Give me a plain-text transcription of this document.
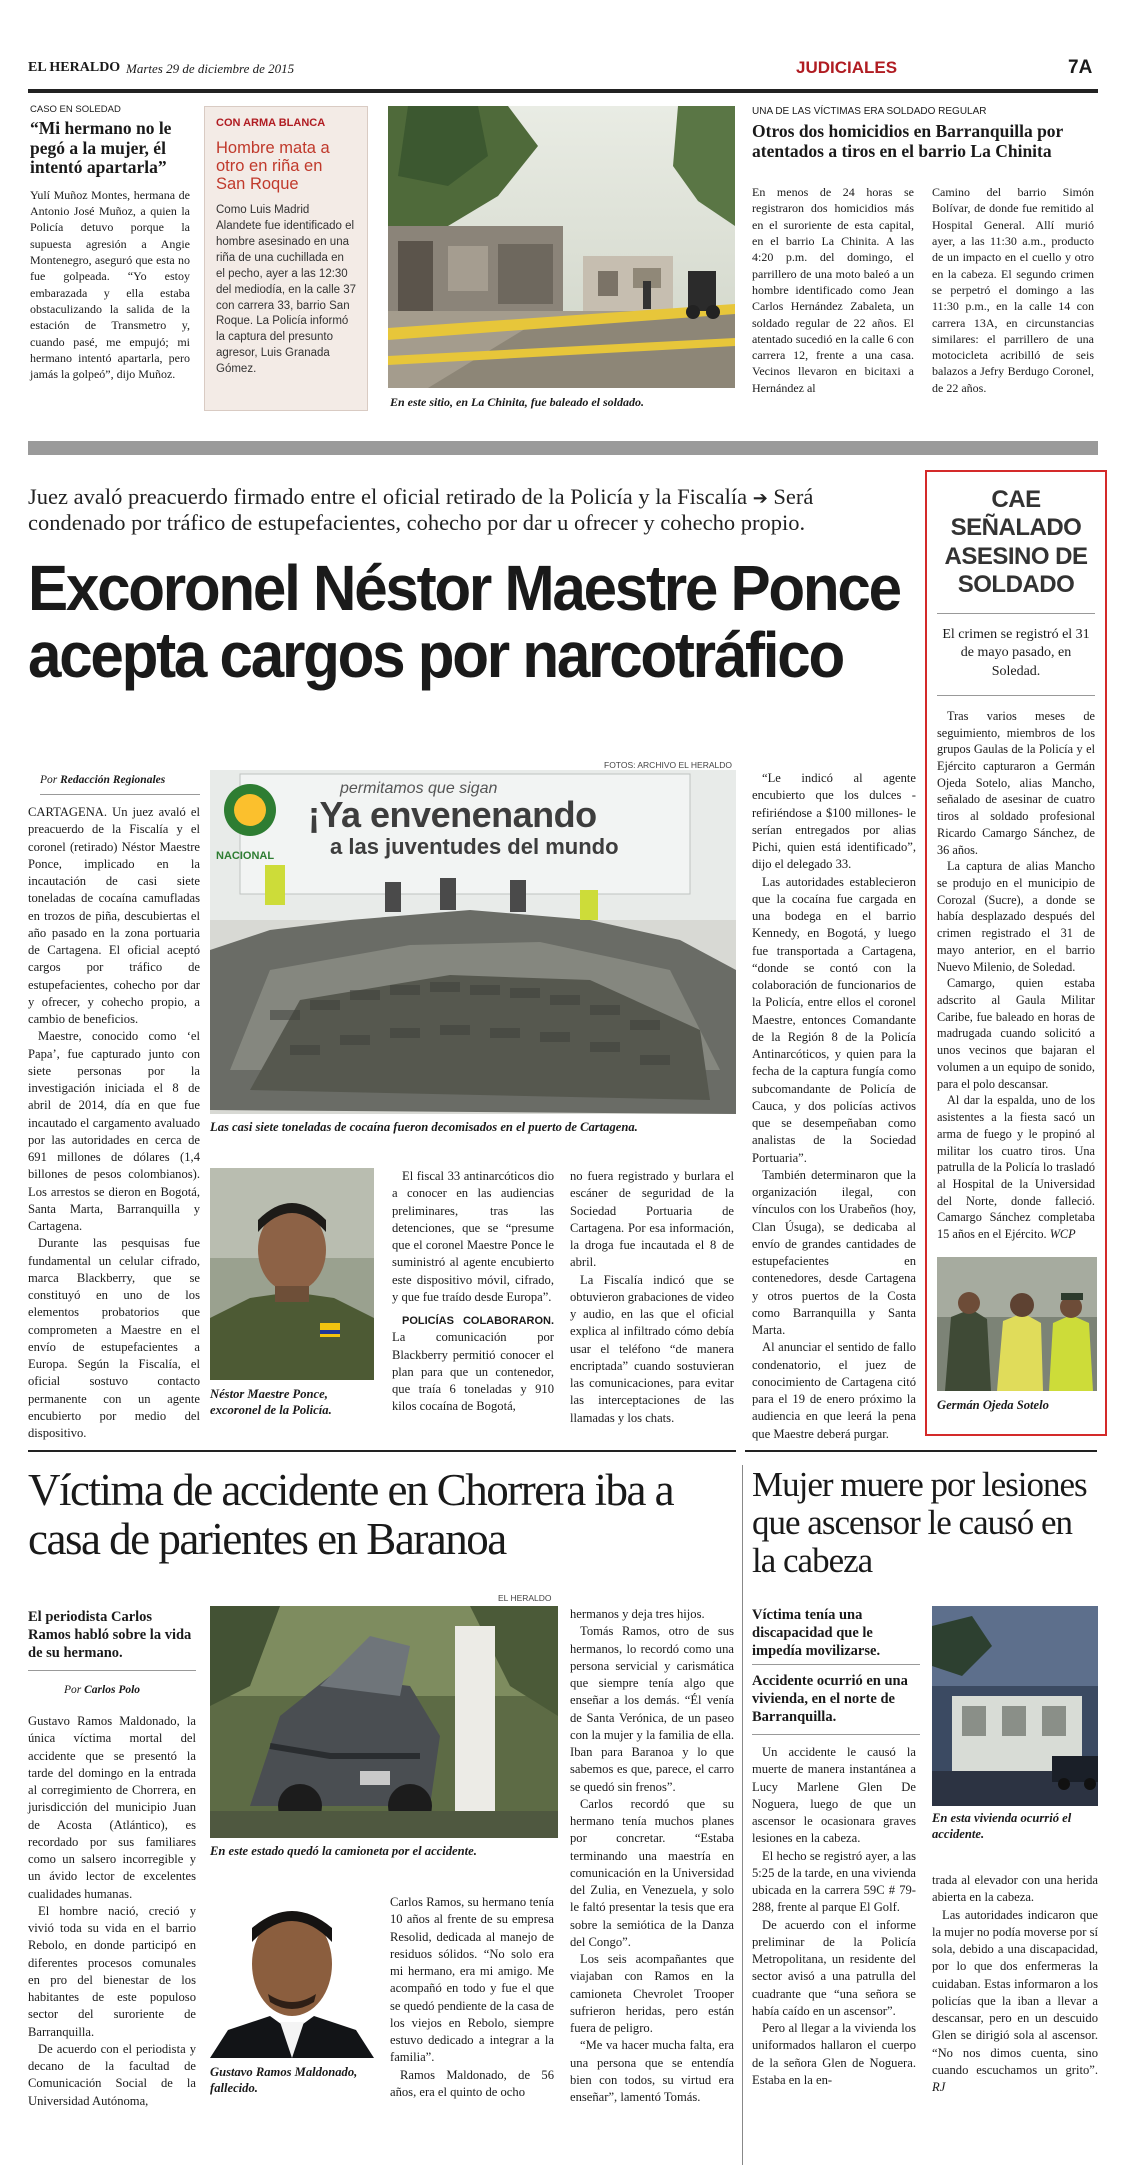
EL HERALDO Martes 29 de diciembre de 2015	JUDICIALES	7A
CASO EN SOLEDAD
“Mi hermano no le pegó a la mujer, él intentó apartarla”
Yulí Muñoz Montes, hermana de Antonio José Muñoz, a quien la Policía detuvo porque la supuesta agresión a Angie Montenegro, aseguró que esta no fue golpeada. “Yo estoy embarazada y ella estaba obstaculizando la salida de la estación de Transmetro y, cuando pasé, me empujó; mi hermano intentó apartarla, pero jamás la golpeó”, dijo Muñoz.
CON ARMA BLANCA
Hombre mata a otro en riña en San Roque
Como Luis Madrid Alandete fue identificado el hombre asesinado en una riña de una cuchillada en el pecho, ayer a las 12:30 del mediodía, en la calle 37 con carrera 33, barrio San Roque. La Policía informó la captura del presunto agresor, Luis Granada Gómez.
En este sitio, en La Chinita, fue baleado el soldado.
UNA DE LAS VÍCTIMAS ERA SOLDADO REGULAR
Otros dos homicidios en Barranquilla por atentados a tiros en el barrio La Chinita
En menos de 24 horas se registraron dos homicidios más en el suroriente de esta capital, en el barrio La Chinita. A las 4:20 p.m. del domingo, el parrillero de una moto baleó a un hombre identificado como Jean Carlos Hernández Zabaleta, un soldado regular de 22 años. El atentado sucedió en la calle 6 con carrera 12, frente a una casa. Vecinos llevaron en bicitaxi a Hernández al
Camino del barrio Simón Bolívar, de donde fue remitido al Hospital General. Allí murió ayer, a las 11:30 a.m., producto de un impacto en el cuello y otro en la cabeza. El segundo crimen se perpetró el domingo a las 11:30 p.m., en la calle 14 con carrera 13A, en circunstancias similares: el parrillero de una motocicleta acribilló de seis balazos a Jefry Berdugo Coronel, de 22 años.
Juez avaló preacuerdo firmado entre el oficial retirado de la Policía y la Fiscalía ➔ Será condenado por tráfico de estupefacientes, cohecho por dar u ofrecer y cohecho propio.
Excoronel Néstor Maestre Ponce
acepta cargos por narcotráfico
Por Redacción Regionales
FOTOS: ARCHIVO EL HERALDO

CARTAGENA. Un juez avaló el preacuerdo de la Fiscalía y el coronel (retirado) Néstor Maestre Ponce, implicado en la incautación de casi siete toneladas de cocaína camufladas en trozos de piña, descubiertas el año pasado en la zona portuaria de Cartagena. El oficial aceptó cargos por tráfico de estupefacientes, cohecho por dar y ofrecer, y cohecho propio, a cambio de beneficios.

Maestre, conocido como ‘el Papa’, fue capturado junto con siete personas por la investigación iniciada el 8 de abril de 2014, día en que fue incautado el cargamento avaluado por las autoridades en cerca de 691 millones de dólares (1,4 billones de pesos colombianos). Los arrestos se dieron en Bogotá, Santa Marta, Barranquilla y Cartagena.

Durante las pesquisas fue fundamental un celular cifrado, marca Blackberry, que se constituyó en uno de los elementos probatorios que comprometen a Maestre en el envío de estupefacientes a Europa. Según la Fiscalía, el oficial sostuvo contacto permanente con un agente encubierto por medio del dispositivo.

permitamos que sigan
¡Ya envenenando
a las juventudes del mundo
NACIONAL
Las casi siete toneladas de cocaína fueron decomisados en el puerto de Cartagena.
Néstor Maestre Ponce, excoronel de la Policía.

El fiscal 33 antinarcóticos dio a conocer en las audiencias preliminares, tras las detenciones, que se “presume que el coronel Maestre Ponce le suministró al agente encubierto este dispositivo móvil, cifrado, y que fue traído desde Europa”.

POLICÍAS COLABORARON. La comunicación por Blackberry permitió conocer el plan para que un contenedor, que traía 6 toneladas y 910 kilos cocaína de Bogotá,

no fuera registrado y burlara el escáner de seguridad de la Sociedad Portuaria de Cartagena. Por esa información, la droga fue incautada el 8 de abril.

La Fiscalía indicó que se obtuvieron grabaciones de video y audio, en las que el oficial explica al infiltrado cómo debía usar el teléfono “de manera encriptada” cuando sostuvieran las comunicaciones, para evitar las interceptaciones de las llamadas y los chats.

“Le indicó al agente encubierto que los dulces -refiriéndose a $100 millones- le serían entregados por alias Pichi, quien está identificado”, dijo el delegado 33.

Las autoridades establecieron que la cocaína fue cargada en una bodega en el barrio Kennedy, en Bogotá, y luego fue transportada a Cartagena, “donde se contó con la colaboración de funcionarios de la Policía, entre ellos el coronel Maestre, entonces Comandante de la Región 8 de la Policía Antinarcóticos, y quien para la fecha de la captura fungía como subcomandante de Policía de Cauca, y dos policías activos que se desempeñaban como analistas de la Sociedad Portuaria”.

También determinaron que la organización ilegal, con vínculos con los Urabeños (hoy, Clan Úsuga), se dedicaba al envío de grandes cantidades de estupefacientes en contenedores, desde Cartagena y otros puertos de la Costa como Barranquilla y Santa Marta.

Al anunciar el sentido de fallo condenatorio, el juez de conocimiento de Cartagena citó para el 19 de enero próximo la audiencia en que leerá la pena que Maestre deberá purgar.

CAE SEÑALADO ASESINO DE SOLDADO
El crimen se registró el 31 de mayo pasado, en Soledad.

Tras varios meses de seguimiento, miembros de los grupos Gaulas de la Policía y el Ejército capturaron a Germán Ojeda Sotelo, alias Mancho, señalado de asesinar de cuatro tiros al soldado profesional Ricardo Camargo Sánchez, de 36 años.

La captura de alias Mancho se produjo en el municipio de Corozal (Sucre), a donde se había desplazado después del crimen registrado el 31 de mayo anterior, en el barrio Nuevo Milenio, de Soledad.

Camargo, quien estaba adscrito al Gaula Militar Caribe, fue baleado en horas de madrugada cuando solicitó a unos vecinos que bajaran el volumen a un equipo de sonido, para el polo descansar.

Al dar la espalda, uno de los asistentes a la fiesta sacó un arma de fuego y le propinó al militar los cuatro tiros. Una patrulla de la Policía lo trasladó al Hospital de la Universidad del Norte, donde falleció. Camargo Sánchez completaba 15 años en el Ejército. WCP

Germán Ojeda Sotelo
Víctima de accidente en Chorrera iba a casa de parientes en Baranoa
El periodista Carlos Ramos habló sobre la vida de su hermano.
Por Carlos Polo

Gustavo Ramos Maldonado, la única víctima mortal del accidente que se presentó la tarde del domingo en la entrada al corregimiento de Chorrera, en jurisdicción del municipio Juan de Acosta (Atlántico), es recordado por sus familiares como un salsero incorregible y un ávido lector de excelentes cualidades humanas.

El hombre nació, creció y vivió toda su vida en el barrio Rebolo, en donde participó en diferentes procesos comunales en pro del bienestar de los habitantes de este populoso sector del suroriente de Barranquilla.

De acuerdo con el periodista y decano de la facultad de Comunicación Social de la Universidad Autónoma,

EL HERALDO
En este estado quedó la camioneta por el accidente.
Gustavo Ramos Maldonado, fallecido.

Carlos Ramos, su hermano tenía 10 años al frente de su empresa Resolid, dedicada al manejo de residuos sólidos. “No solo era mi hermano, era mi amigo. Me acompañó en todo y fue el que se quedó pendiente de la casa de los viejos en Rebolo, siempre estuvo dedicado a integrar a la familia”.

Ramos Maldonado, de 56 años, era el quinto de ocho

hermanos y deja tres hijos.

Tomás Ramos, otro de sus hermanos, lo recordó como una persona servicial y carismática que siempre tenía algo que enseñar a los demás. “Él venía de Santa Verónica, de un paseo con la mujer y la familia de ella. Iban para Baranoa y lo que sabemos es que, parece, el carro se quedó sin frenos”.

Carlos recordó que su hermano tenía muchos planes por concretar. “Estaba terminando una maestría en comunicación en la Universidad del Zulia, en Venezuela, y solo le faltó presentar la tesis que era sobre la semiótica de la Danza del Congo”.

Los seis acompañantes que viajaban con Ramos en la camioneta Chevrolet Trooper sufrieron heridas, pero están fuera de peligro.

“Me va hacer mucha falta, era una persona que se entendía bien con todos, su virtud era enseñar”, lamentó Tomás.

Mujer muere por lesiones que ascensor le causó en la cabeza
Víctima tenía una discapacidad que le impedía movilizarse.
Accidente ocurrió en una vivienda, en el norte de Barranquilla.

Un accidente le causó la muerte de manera instantánea a Lucy Marlene Glen De Noguera, luego de que un ascensor le ocasionara graves lesiones en la cabeza.

El hecho se registró ayer, a las 5:25 de la tarde, en una vivienda ubicada en la carrera 59C # 79-288, frente al parque El Golf.

De acuerdo con el informe preliminar de la Policía Metropolitana, un residente del sector avisó a una patrulla del cuadrante que “una señora se había caído en un ascensor”.

Pero al llegar a la vivienda los uniformados hallaron el cuerpo de la señora Glen de Noguera. Estaba en la en-

En esta vivienda ocurrió el accidente.

trada al elevador con una herida abierta en la cabeza.

Las autoridades indicaron que la mujer no podía moverse por sí sola, debido a una discapacidad, por lo que dos enfermeras la cuidaban. Estas informaron a los policías que la iban a llevar a descansar, pero en un descuido Glen se dirigió sola al ascensor. “No nos dimos cuenta, sino cuando escuchamos un grito”. RJ
